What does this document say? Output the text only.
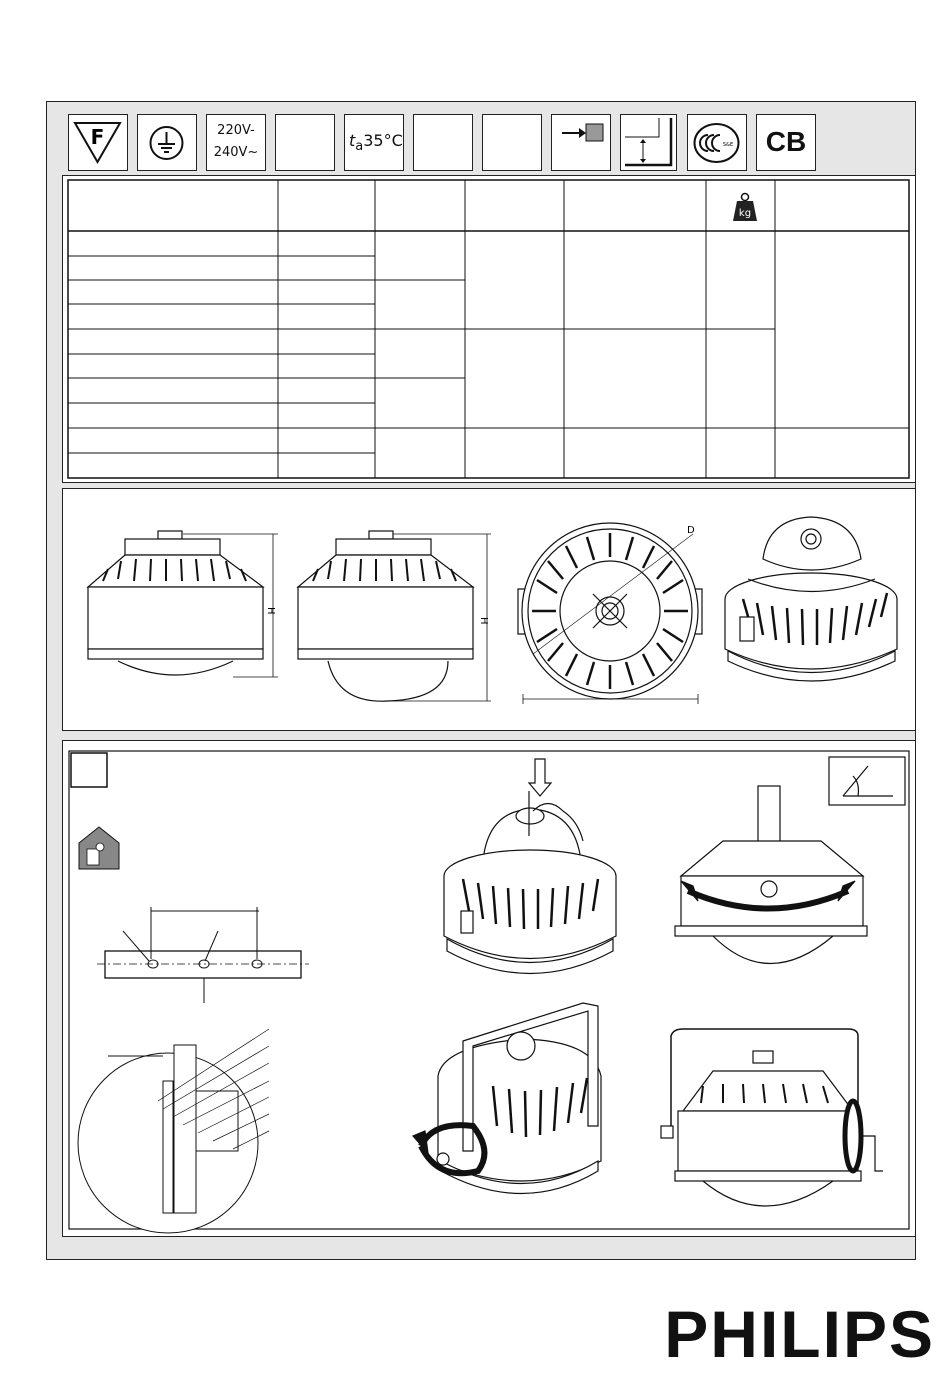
F	220V-
240V~
$t_a35^\circ C$	S&E	CB
kg
H
H
D
PHILIPS
